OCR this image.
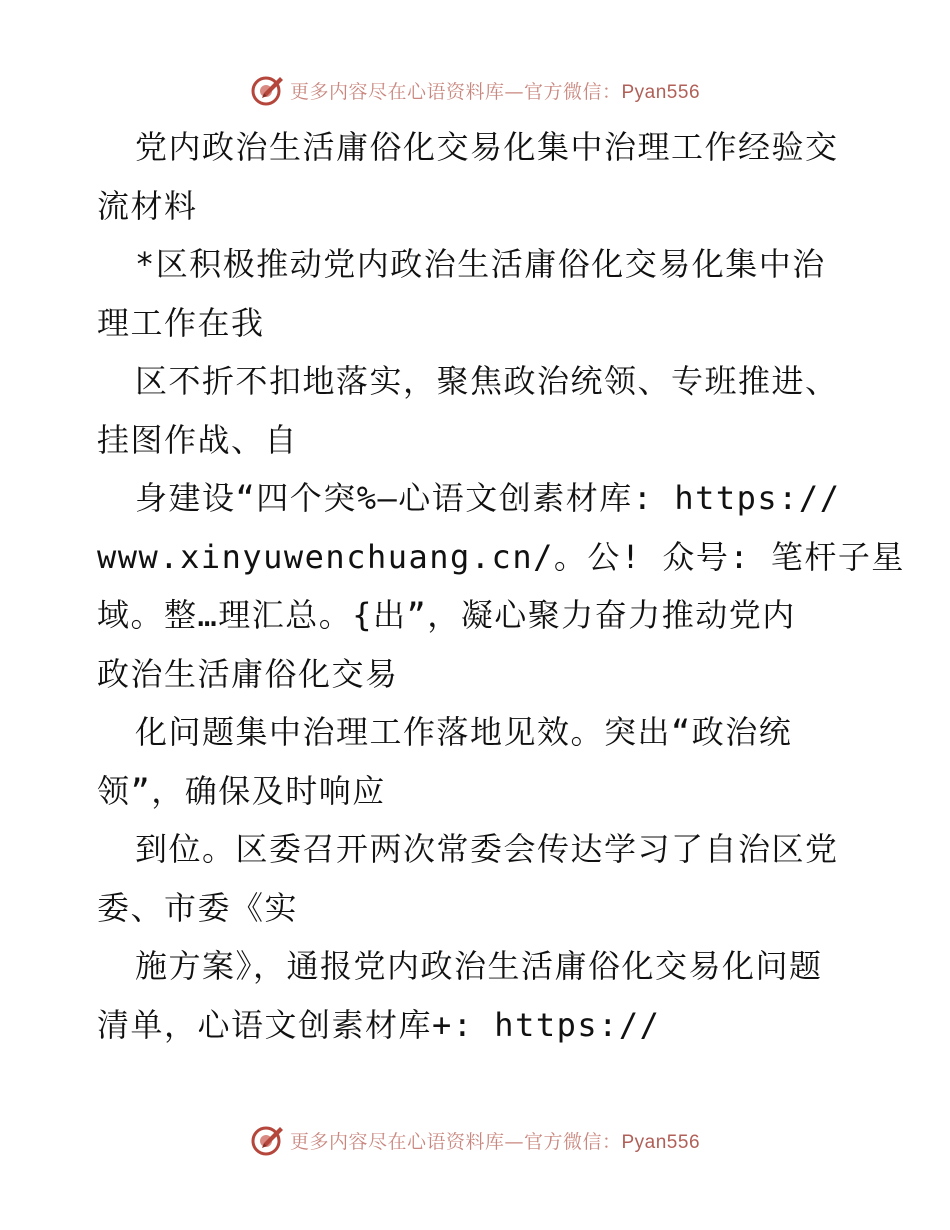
更多内容尽在心语资料库—官方微信：Pyan556
党内政治生活庸俗化交易化集中治理工作经验交
流材料
*区积极推动党内政治生活庸俗化交易化集中治
理工作在我
区不折不扣地落实，聚焦政治统领、专班推进、
挂图作战、自
身建设“四个突%—心语文创素材库: https://
www.xinyuwenchuang.cn/。公! 众号: 笔杆子星
域。整…理汇总。{出”，凝心聚力奋力推动党内
政治生活庸俗化交易
化问题集中治理工作落地见效。突出“政治统
领”，确保及时响应
到位。区委召开两次常委会传达学习了自治区党
委、市委《实
施方案》，通报党内政治生活庸俗化交易化问题
清单，心语文创素材库+: https://
更多内容尽在心语资料库—官方微信：Pyan556
